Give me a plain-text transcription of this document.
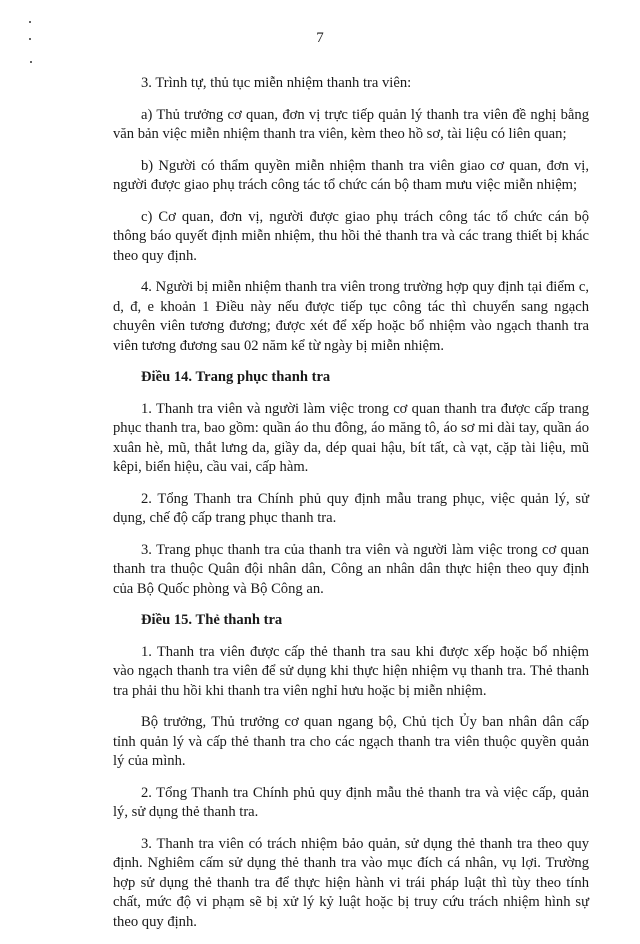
7

3. Trình tự, thủ tục miễn nhiệm thanh tra viên:

a) Thủ trưởng cơ quan, đơn vị trực tiếp quản lý thanh tra viên đề nghị bằng văn bản việc miễn nhiệm thanh tra viên, kèm theo hồ sơ, tài liệu có liên quan;

b) Người có thẩm quyền miễn nhiệm thanh tra viên giao cơ quan, đơn vị, người được giao phụ trách công tác tổ chức cán bộ tham mưu việc miễn nhiệm;

c) Cơ quan, đơn vị, người được giao phụ trách công tác tổ chức cán bộ thông báo quyết định miễn nhiệm, thu hồi thẻ thanh tra và các trang thiết bị khác theo quy định.

4. Người bị miễn nhiệm thanh tra viên trong trường hợp quy định tại điểm c, d, đ, e khoản 1 Điều này nếu được tiếp tục công tác thì chuyển sang ngạch chuyên viên tương đương; được xét để xếp hoặc bổ nhiệm vào ngạch thanh tra viên tương đương sau 02 năm kể từ ngày bị miễn nhiệm.

Điều 14. Trang phục thanh tra

1. Thanh tra viên và người làm việc trong cơ quan thanh tra được cấp trang phục thanh tra, bao gồm: quần áo thu đông, áo măng tô, áo sơ mi dài tay, quần áo xuân hè, mũ, thắt lưng da, giầy da, dép quai hậu, bít tất, cà vạt, cặp tài liệu, mũ kêpi, biển hiệu, cầu vai, cấp hàm.

2. Tổng Thanh tra Chính phủ quy định mẫu trang phục, việc quản lý, sử dụng, chế độ cấp trang phục thanh tra.

3. Trang phục thanh tra của thanh tra viên và người làm việc trong cơ quan thanh tra thuộc Quân đội nhân dân, Công an nhân dân thực hiện theo quy định của Bộ Quốc phòng và Bộ Công an.

Điều 15. Thẻ thanh tra

1. Thanh tra viên được cấp thẻ thanh tra sau khi được xếp hoặc bổ nhiệm vào ngạch thanh tra viên để sử dụng khi thực hiện nhiệm vụ thanh tra. Thẻ thanh tra phải thu hồi khi thanh tra viên nghỉ hưu hoặc bị miễn nhiệm.

Bộ trưởng, Thủ trưởng cơ quan ngang bộ, Chủ tịch Ủy ban nhân dân cấp tỉnh quản lý và cấp thẻ thanh tra cho các ngạch thanh tra viên thuộc quyền quản lý của mình.

2. Tổng Thanh tra Chính phủ quy định mẫu thẻ thanh tra và việc cấp, quản lý, sử dụng thẻ thanh tra.

3. Thanh tra viên có trách nhiệm bảo quản, sử dụng thẻ thanh tra theo quy định. Nghiêm cấm sử dụng thẻ thanh tra vào mục đích cá nhân, vụ lợi. Trường hợp sử dụng thẻ thanh tra để thực hiện hành vi trái pháp luật thì tùy theo tính chất, mức độ vi phạm sẽ bị xử lý kỷ luật hoặc bị truy cứu trách nhiệm hình sự theo quy định.
